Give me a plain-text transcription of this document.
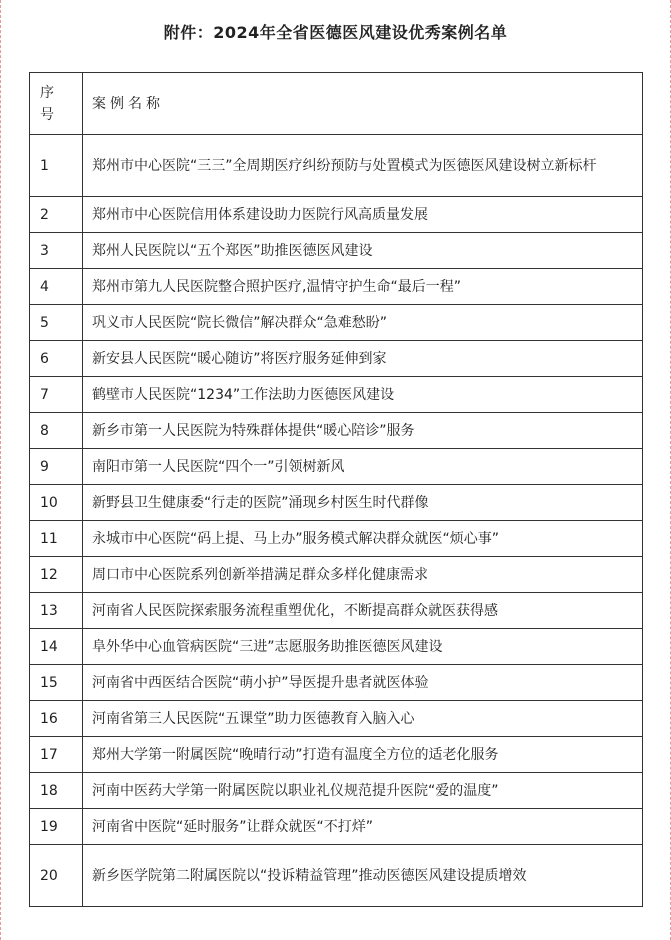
附件：2024年全省医德医风建设优秀案例名单
序
号	案例名称
1	郑州市中心医院“三三”全周期医疗纠纷预防与处置模式为医德医风建设树立新标杆
2	郑州市中心医院信用体系建设助力医院行风高质量发展
3	郑州人民医院以“五个郑医”助推医德医风建设
4	郑州市第九人民医院整合照护医疗,温情守护生命“最后一程”
5	巩义市人民医院“院长微信”解决群众“急难愁盼”
6	新安县人民医院“暖心随访”将医疗服务延伸到家
7	鹤壁市人民医院“1234”工作法助力医德医风建设
8	新乡市第一人民医院为特殊群体提供“暖心陪诊”服务
9	南阳市第一人民医院“四个一”引领树新风
10	新野县卫生健康委“行走的医院”涌现乡村医生时代群像
11	永城市中心医院“码上提、马上办”服务模式解决群众就医“烦心事”
12	周口市中心医院系列创新举措满足群众多样化健康需求
13	河南省人民医院探索服务流程重塑优化，不断提高群众就医获得感
14	阜外华中心血管病医院“三进”志愿服务助推医德医风建设
15	河南省中西医结合医院“萌小护”导医提升患者就医体验
16	河南省第三人民医院“五课堂”助力医德教育入脑入心
17	郑州大学第一附属医院“晚晴行动”打造有温度全方位的适老化服务
18	河南中医药大学第一附属医院以职业礼仪规范提升医院“爱的温度”
19	河南省中医院“延时服务”让群众就医“不打烊”
20	新乡医学院第二附属医院以“投诉精益管理”推动医德医风建设提质增效
